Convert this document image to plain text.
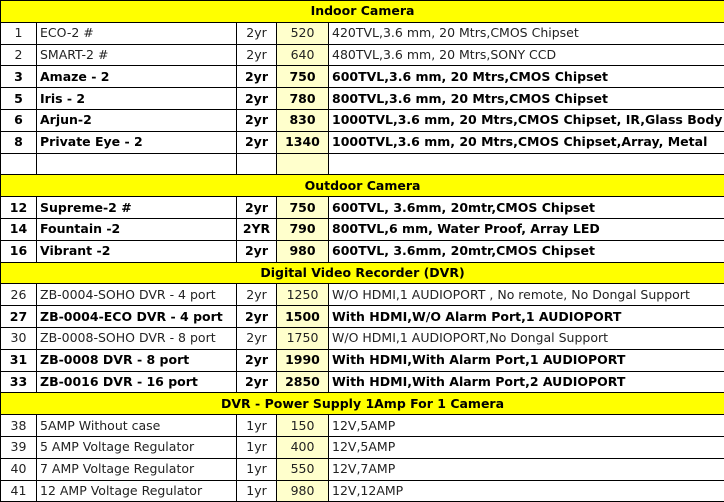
Indoor Camera				
1	ECO-2 #	2yr	520	420TVL,3.6 mm, 20 Mtrs,CMOS Chipset
2	SMART-2 #	2yr	640	480TVL,3.6 mm, 20 Mtrs,SONY CCD
3	Amaze - 2	2yr	750	600TVL,3.6 mm, 20 Mtrs,CMOS Chipset
5	Iris - 2	2yr	780	800TVL,3.6 mm, 20 Mtrs,CMOS Chipset
6	Arjun-2	2yr	830	1000TVL,3.6 mm, 20 Mtrs,CMOS Chipset, IR,Glass Body
8	Private Eye - 2	2yr	1340	1000TVL,3.6 mm, 20 Mtrs,CMOS Chipset,Array, Metal

Outdoor Camera				
12	Supreme-2 #	2yr	750	600TVL, 3.6mm, 20mtr,CMOS Chipset
14	Fountain -2	2YR	790	800TVL,6 mm, Water Proof, Array LED
16	Vibrant -2	2yr	980	600TVL, 3.6mm, 20mtr,CMOS Chipset
Digital Video Recorder (DVR)				
26	ZB-0004-SOHO DVR - 4 port	2yr	1250	W/O HDMI,1 AUDIOPORT , No remote, No Dongal Support
27	ZB-0004-ECO DVR - 4 port	2yr	1500	With HDMI,W/O Alarm Port,1 AUDIOPORT
30	ZB-0008-SOHO DVR - 8 port	2yr	1750	W/O HDMI,1 AUDIOPORT,No Dongal Support
31	ZB-0008 DVR - 8 port	2yr	1990	With HDMI,With Alarm Port,1 AUDIOPORT
33	ZB-0016 DVR - 16 port	2yr	2850	With HDMI,With Alarm Port,2 AUDIOPORT
DVR - Power Supply 1Amp For 1 Camera				
38	5AMP Without case	1yr	150	12V,5AMP
39	5 AMP Voltage Regulator	1yr	400	12V,5AMP
40	7 AMP Voltage Regulator	1yr	550	12V,7AMP
41	12 AMP Voltage Regulator	1yr	980	12V,12AMP
